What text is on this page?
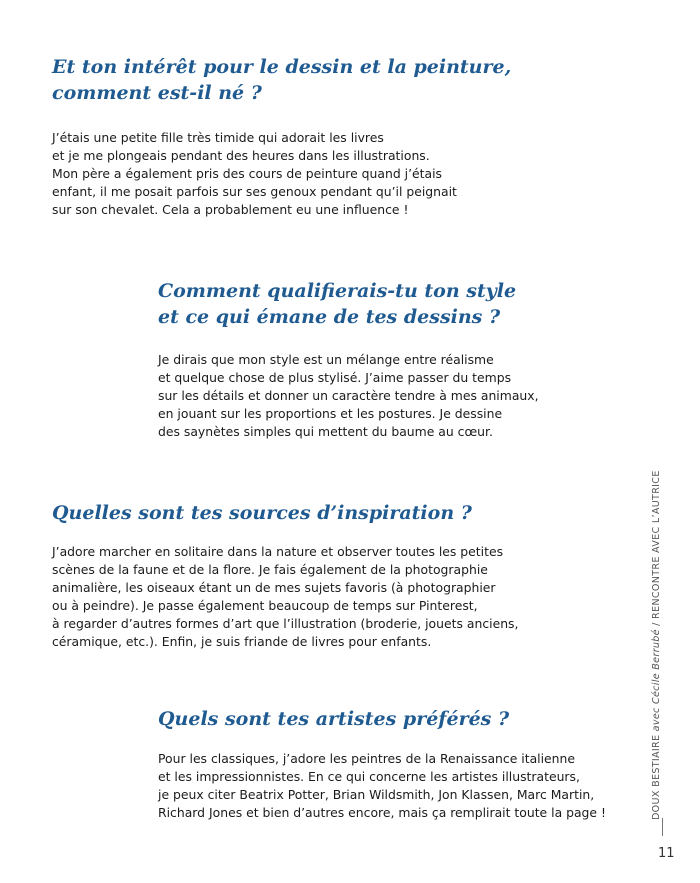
Et ton intérêt pour le dessin et la peinture,
comment est-il né ?

J’étais une petite fille très timide qui adorait les livres
et je me plongeais pendant des heures dans les illustrations.
Mon père a également pris des cours de peinture quand j’étais
enfant, il me posait parfois sur ses genoux pendant qu’il peignait
sur son chevalet. Cela a probablement eu une influence !

Comment qualifierais-tu ton style
et ce qui émane de tes dessins ?

Je dirais que mon style est un mélange entre réalisme
et quelque chose de plus stylisé. J’aime passer du temps
sur les détails et donner un caractère tendre à mes animaux,
en jouant sur les proportions et les postures. Je dessine
des saynètes simples qui mettent du baume au cœur.

Quelles sont tes sources d’inspiration ?

J’adore marcher en solitaire dans la nature et observer toutes les petites
scènes de la faune et de la flore. Je fais également de la photographie
animalière, les oiseaux étant un de mes sujets favoris (à photographier
ou à peindre). Je passe également beaucoup de temps sur Pinterest,
à regarder d’autres formes d’art que l’illustration (broderie, jouets anciens,
céramique, etc.). Enfin, je suis friande de livres pour enfants.

Quels sont tes artistes préférés ?

Pour les classiques, j’adore les peintres de la Renaissance italienne
et les impressionnistes. En ce qui concerne les artistes illustrateurs,
je peux citer Beatrix Potter, Brian Wildsmith, Jon Klassen, Marc Martin,
Richard Jones et bien d’autres encore, mais ça remplirait toute la page !	DOUX BESTIAIRE avec Cécile Berrubé / RENCONTRE AVEC L’AUTRICE
11
